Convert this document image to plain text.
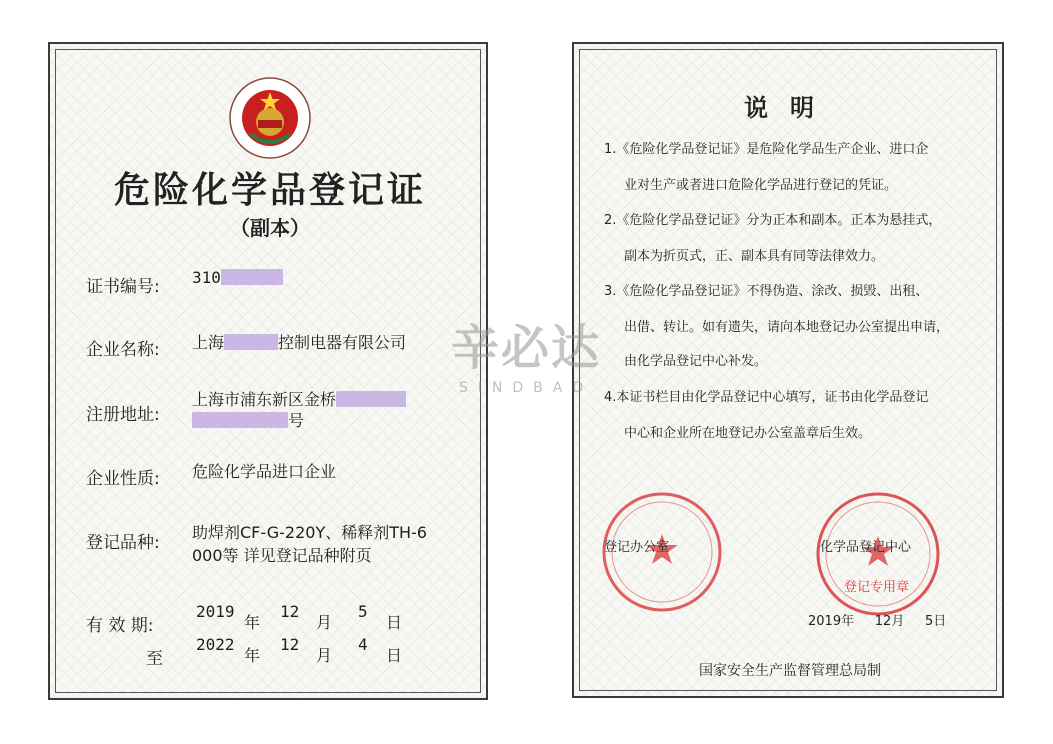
危险化学品登记证
（副本）
证书编号: 310
企业名称: 上海	控制电器有限公司
注册地址:
上海市浦东新区金桥
号
企业性质: 危险化学品进口企业
登记品种:
助焊剂CF-G-220Y、稀释剂TH-6
000等 详见登记品种附页
有 效 期:
2019
年
12
月
5
日
至
2022
年
12
月
4
日
说明
1.《危险化学品登记证》是危险化学品生产企业、进口企
业对生产或者进口危险化学品进行登记的凭证。
2.《危险化学品登记证》分为正本和副本。正本为悬挂式，
副本为折页式，正、副本具有同等法律效力。
3.《危险化学品登记证》不得伪造、涂改、损毁、出租、
出借、转让。如有遗失，请向本地登记办公室提出申请，
由化学品登记中心补发。
4.本证书栏目由化学品登记中心填写，证书由化学品登记
中心和企业所在地登记办公室盖章后生效。
登记办公室	化学品登记中心
登记专用章
2019年 12月 5日
国家安全生产监督管理总局制
辛必达
SINDBAD
